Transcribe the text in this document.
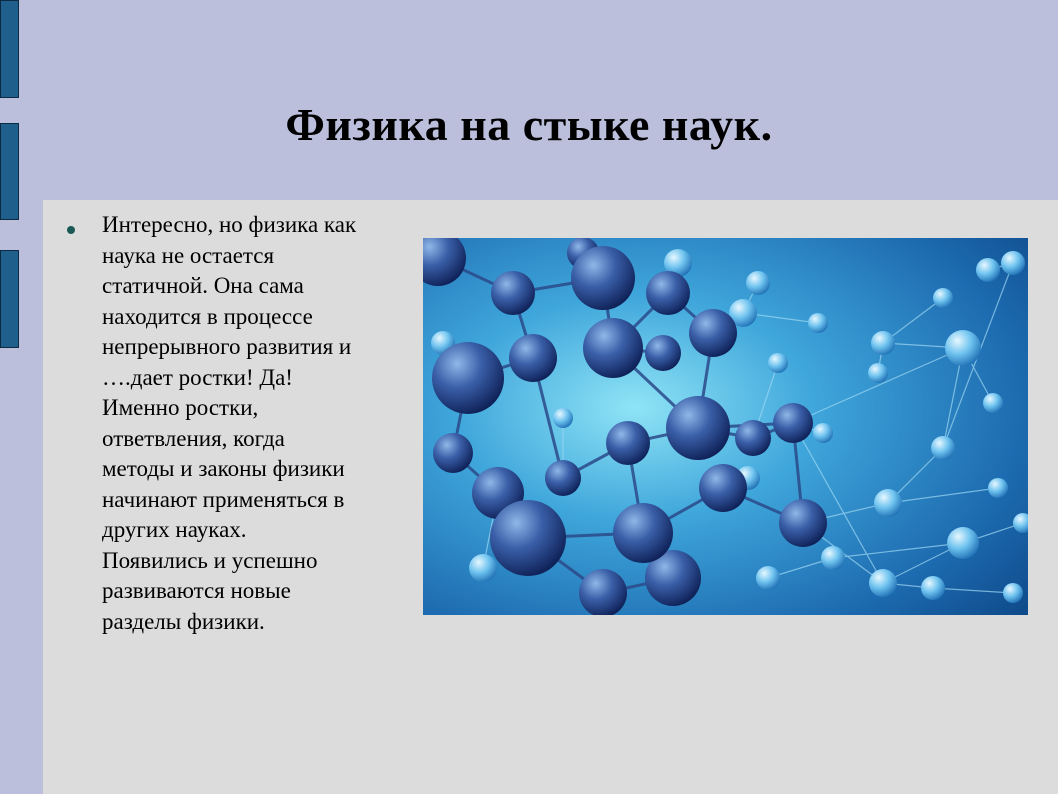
Физика на стыке наук.
Интересно, но физика как
наука не остается
статичной. Она сама
находится в процессе
непрерывного развития и
….дает ростки! Да!
Именно ростки,
ответвления, когда
методы и законы физики
начинают применяться в
других науках.
Появились и успешно
развиваются новые
разделы физики.
